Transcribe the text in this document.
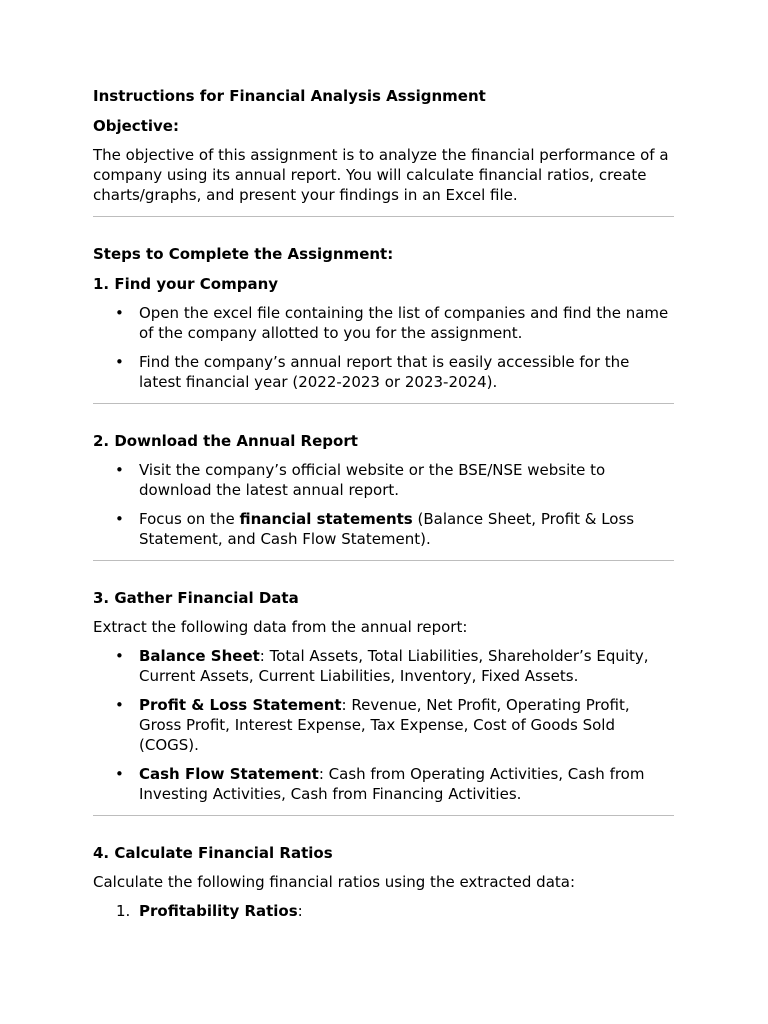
Instructions for Financial Analysis Assignment

Objective:

The objective of this assignment is to analyze the financial performance of a company using its annual report. You will calculate financial ratios, create charts/graphs, and present your findings in an Excel file.

Steps to Complete the Assignment:

1. Find your Company

• Open the excel file containing the list of companies and find the name of the company allotted to you for the assignment.
• Find the company’s annual report that is easily accessible for the latest financial year (2022-2023 or 2023-2024).

2. Download the Annual Report

• Visit the company’s official website or the BSE/NSE website to download the latest annual report.
• Focus on the financial statements (Balance Sheet, Profit & Loss Statement, and Cash Flow Statement).

3. Gather Financial Data

Extract the following data from the annual report:

• Balance Sheet: Total Assets, Total Liabilities, Shareholder’s Equity, Current Assets, Current Liabilities, Inventory, Fixed Assets.
• Profit & Loss Statement: Revenue, Net Profit, Operating Profit, Gross Profit, Interest Expense, Tax Expense, Cost of Goods Sold (COGS).
• Cash Flow Statement: Cash from Operating Activities, Cash from Investing Activities, Cash from Financing Activities.

4. Calculate Financial Ratios

Calculate the following financial ratios using the extracted data:

1. Profitability Ratios:
